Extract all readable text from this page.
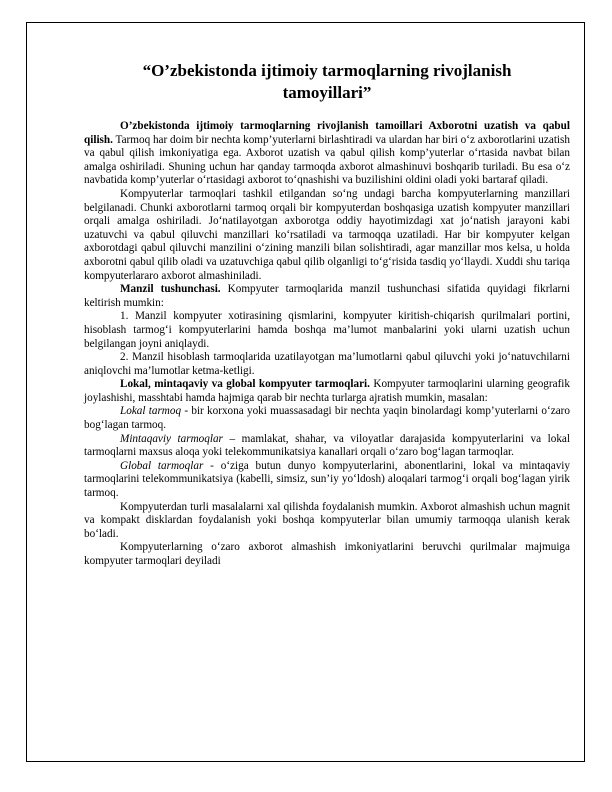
“O’zbekistonda ijtimoiy tarmoqlarning rivojlanish tamoyillari”

O’zbekistonda ijtimoiy tarmoqlarning rivojlanish tamoillari Axborotni uzatish va qabul qilish. Tarmoq har doim bir nechta komp’yuterlarni birlashtiradi va ulardan har biri o‘z axborotlarini uzatish va qabul qilish imkoniyatiga ega. Axborot uzatish va qabul qilish komp’yuterlar o‘rtasida navbat bilan amalga oshiriladi. Shuning uchun har qanday tarmoqda axborot almashinuvi boshqarib turiladi. Bu esa o‘z navbatida komp’yuterlar o‘rtasidagi axborot to‘qnashishi va buzilishini oldini oladi yoki bartaraf qiladi.

Kompyuterlar tarmoqlari tashkil etilgandan so‘ng undagi barcha kompyuterlarning manzillari belgilanadi. Chunki axborotlarni tarmoq orqali bir kompyuterdan boshqasiga uzatish kompyuter manzillari orqali amalga oshiriladi. Jo‘natilayotgan axborotga oddiy hayotimizdagi xat jo‘natish jarayoni kabi uzatuvchi va qabul qiluvchi manzillari ko‘rsatiladi va tarmoqqa uzatiladi. Har bir kompyuter kelgan axborotdagi qabul qiluvchi manzilini o‘zining manzili bilan solishtiradi, agar manzillar mos kelsa, u holda axborotni qabul qilib oladi va uzatuvchiga qabul qilib olganligi to‘g‘risida tasdiq yo‘llaydi. Xuddi shu tariqa kompyuterlararo axborot almashiniladi.

Manzil tushunchasi. Kompyuter tarmoqlarida manzil tushunchasi sifatida quyidagi fikrlarni keltirish mumkin:

1. Manzil kompyuter xotirasining qismlarini, kompyuter kiritish-chiqarish qurilmalari portini, hisoblash tarmog‘i kompyuterlarini hamda boshqa ma’lumot manbalarini yoki ularni uzatish uchun belgilangan joyni aniqlaydi.

2. Manzil hisoblash tarmoqlarida uzatilayotgan ma’lumotlarni qabul qiluvchi yoki jo‘natuvchilarni aniqlovchi ma’lumotlar ketma-ketligi.

Lokal, mintaqaviy va global kompyuter tarmoqlari. Kompyuter tarmoqlarini ularning geografik joylashishi, masshtabi hamda hajmiga qarab bir nechta turlarga ajratish mumkin, masalan:

Lokal tarmoq - bir korxona yoki muassasadagi bir nechta yaqin binolardagi komp’yuterlarni o‘zaro bog‘lagan tarmoq.

Mintaqaviy tarmoqlar – mamlakat, shahar, va viloyatlar darajasida kompyuterlarini va lokal tarmoqlarni maxsus aloqa yoki telekommunikatsiya kanallari orqali o‘zaro bog‘lagan tarmoqlar.

Global tarmoqlar - o‘ziga butun dunyo kompyuterlarini, abonentlarini, lokal va mintaqaviy tarmoqlarini telekommunikatsiya (kabelli, simsiz, sun’iy yo‘ldosh) aloqalari tarmog‘i orqali bog‘lagan yirik tarmoq.

Kompyuterdan turli masalalarni xal qilishda foydalanish mumkin. Axborot almashish uchun magnit va kompakt disklardan foydalanish yoki boshqa kompyuterlar bilan umumiy tarmoqqa ulanish kerak bo‘ladi.

Kompyuterlarning o‘zaro axborot almashish imkoniyatlarini beruvchi qurilmalar majmuiga kompyuter tarmoqlari deyiladi
